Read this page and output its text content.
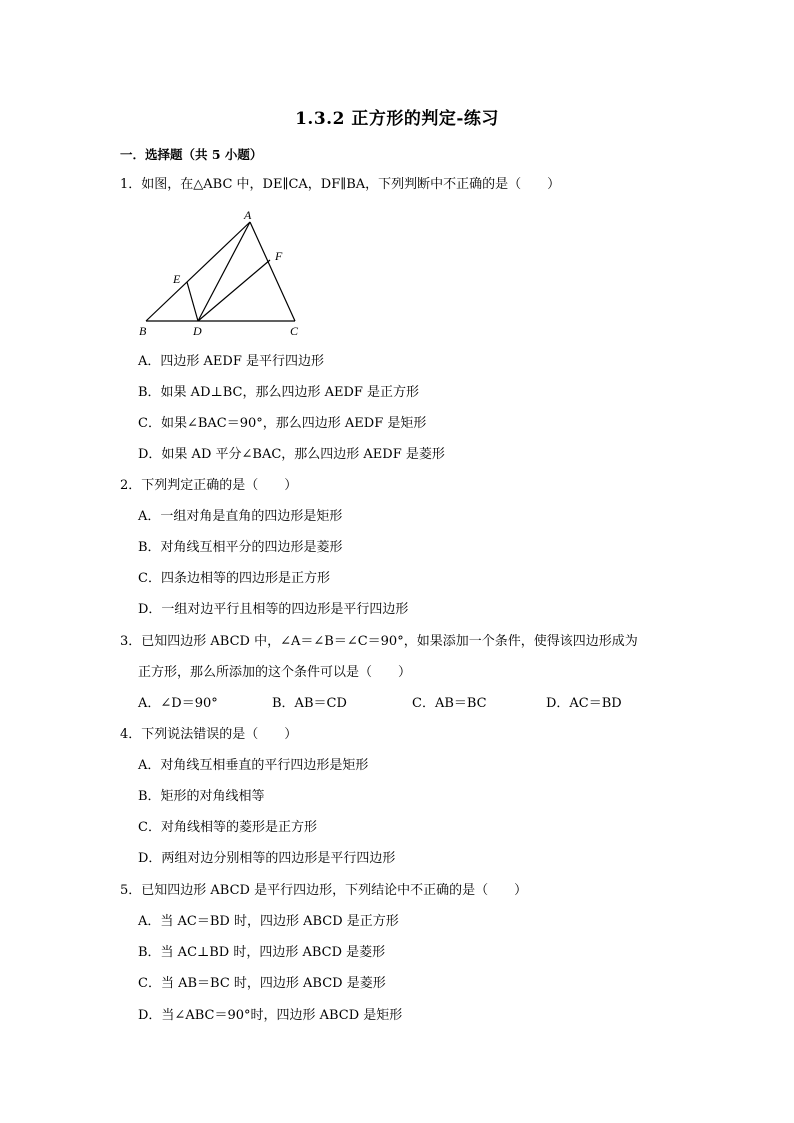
1.3.2 正方形的判定-练习
一．选择题（共 5 小题）
1．如图，在△ABC 中，DE∥CA，DF∥BA，下列判断中不正确的是（　　）
A
B	C
D
E
F
A．四边形 AEDF 是平行四边形
B．如果 AD⊥BC，那么四边形 AEDF 是正方形
C．如果∠BAC＝90°，那么四边形 AEDF 是矩形
D．如果 AD 平分∠BAC，那么四边形 AEDF 是菱形
2．下列判定正确的是（　　）
A．一组对角是直角的四边形是矩形
B．对角线互相平分的四边形是菱形
C．四条边相等的四边形是正方形
D．一组对边平行且相等的四边形是平行四边形
3．已知四边形 ABCD 中，∠A＝∠B＝∠C＝90°，如果添加一个条件，使得该四边形成为
正方形，那么所添加的这个条件可以是（　　）
A．∠D＝90°	B．AB＝CD	C．AB＝BC	D．AC＝BD
4．下列说法错误的是（　　）
A．对角线互相垂直的平行四边形是矩形
B．矩形的对角线相等
C．对角线相等的菱形是正方形
D．两组对边分别相等的四边形是平行四边形
5．已知四边形 ABCD 是平行四边形，下列结论中不正确的是（　　）
A．当 AC＝BD 时，四边形 ABCD 是正方形
B．当 AC⊥BD 时，四边形 ABCD 是菱形
C．当 AB＝BC 时，四边形 ABCD 是菱形
D．当∠ABC＝90°时，四边形 ABCD 是矩形
